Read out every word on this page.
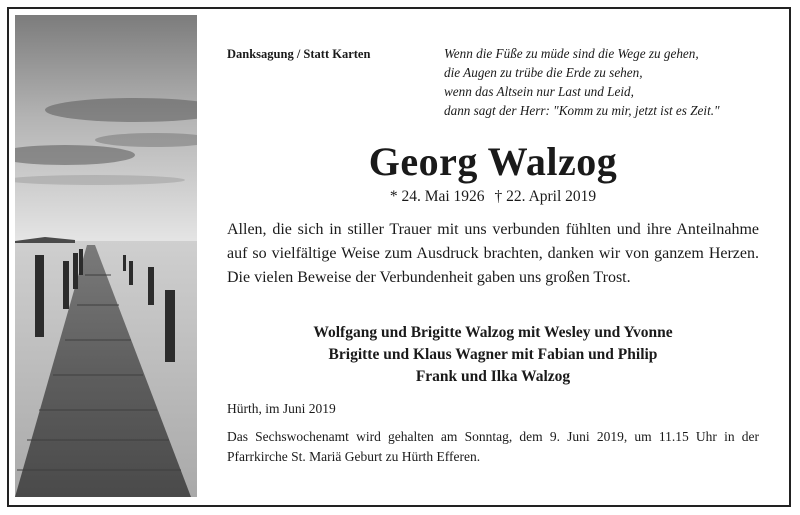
Danksagung / Statt Karten	Wenn die Füße zu müde sind die Wege zu gehen,
die Augen zu trübe die Erde zu sehen,
wenn das Altsein nur Last und Leid,
dann sagt der Herr: "Komm zu mir, jetzt ist es Zeit."
Georg Walzog
* 24. Mai 1926 † 22. April 2019
Allen, die sich in stiller Trauer mit uns verbunden fühlten und ihre Anteilnahme auf so vielfältige Weise zum Ausdruck brachten, danken wir von ganzem Herzen. Die vielen Beweise der Verbundenheit gaben uns großen Trost.
Wolfgang und Brigitte Walzog mit Wesley und Yvonne
Brigitte und Klaus Wagner mit Fabian und Philip
Frank und Ilka Walzog
Hürth, im Juni 2019
Das Sechswochenamt wird gehalten am Sonntag, dem 9. Juni 2019, um 11.15 Uhr in der Pfarrkirche St. Mariä Geburt zu Hürth Efferen.
